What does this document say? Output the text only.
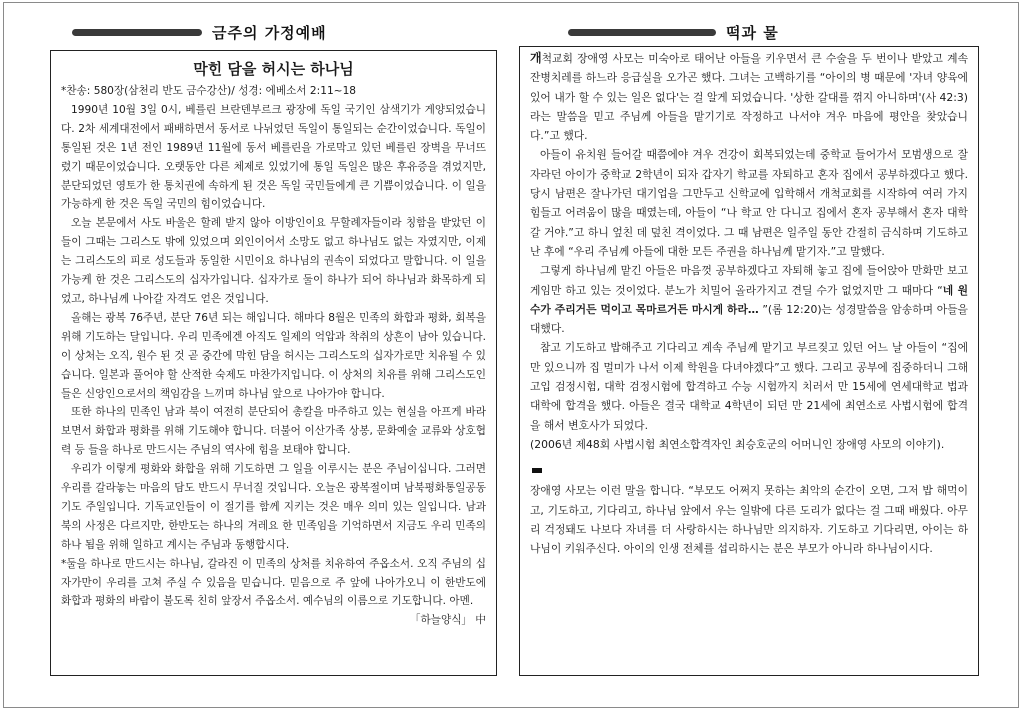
금주의 가정예배	떡과 물
막힌 담을 허시는 하나님

*찬송: 580장(삼천리 반도 금수강산)/ 성경: 에베소서 2:11~18

1990년 10월 3일 0시, 베를린 브란덴부르크 광장에 독일 국기인 삼색기가 게양되었습니다. 2차 세계대전에서 패배하면서 동서로 나뉘었던 독일이 통일되는 순간이었습니다. 독일이 통일된 것은 1년 전인 1989년 11월에 동서 베를린을 가로막고 있던 베를린 장벽을 무너뜨렸기 때문이었습니다. 오랫동안 다른 체제로 있었기에 통일 독일은 많은 후유증을 겪었지만, 분단되었던 영토가 한 통치권에 속하게 된 것은 독일 국민들에게 큰 기쁨이었습니다. 이 일을 가능하게 한 것은 독일 국민의 힘이었습니다.

오늘 본문에서 사도 바울은 할례 받지 않아 이방인이요 무할례자들이라 칭함을 받았던 이들이 그때는 그리스도 밖에 있었으며 외인이어서 소망도 없고 하나님도 없는 자였지만, 이제는 그리스도의 피로 성도들과 동일한 시민이요 하나님의 권속이 되었다고 말합니다. 이 일을 가능케 한 것은 그리스도의 십자가입니다. 십자가로 둘이 하나가 되어 하나님과 화목하게 되었고, 하나님께 나아갈 자격도 얻은 것입니다.

올해는 광복 76주년, 분단 76년 되는 해입니다. 해마다 8월은 민족의 화합과 평화, 회복을 위해 기도하는 달입니다. 우리 민족에겐 아직도 일제의 억압과 착취의 상흔이 남아 있습니다. 이 상처는 오직, 원수 된 것 곧 중간에 막힌 담을 허시는 그리스도의 십자가로만 치유될 수 있습니다. 일본과 풀어야 할 산적한 숙제도 마찬가지입니다. 이 상처의 치유를 위해 그리스도인들은 신앙인으로서의 책임감을 느끼며 하나님 앞으로 나아가야 합니다.

또한 하나의 민족인 남과 북이 여전히 분단되어 총칼을 마주하고 있는 현실을 아프게 바라보면서 화합과 평화를 위해 기도해야 합니다. 더불어 이산가족 상봉, 문화예술 교류와 상호협력 등 들을 하나로 만드시는 주님의 역사에 힘을 보태야 합니다.

우리가 이렇게 평화와 화합을 위해 기도하면 그 일을 이루시는 분은 주님이십니다. 그러면 우리를 갈라놓는 마음의 담도 반드시 무너질 것입니다. 오늘은 광복절이며 남북평화통일공동기도 주일입니다. 기독교인들이 이 절기를 함께 지키는 것은 매우 의미 있는 일입니다. 남과 북의 사정은 다르지만, 한반도는 하나의 겨레요 한 민족임을 기억하면서 지금도 우리 민족의 하나 됨을 위해 일하고 계시는 주님과 동행합시다.

*둘을 하나로 만드시는 하나님, 갈라진 이 민족의 상처를 치유하여 주옵소서. 오직 주님의 십자가만이 우리를 고쳐 주실 수 있음을 믿습니다. 믿음으로 주 앞에 나아가오니 이 한반도에 화합과 평화의 바람이 불도록 친히 앞장서 주옵소서. 예수님의 이름으로 기도합니다. 아멘.
「하늘양식」 中

개척교회 장애영 사모는 미숙아로 태어난 아들을 키우면서 큰 수술을 두 번이나 받았고 계속 잔병치레를 하느라 응급실을 오가곤 했다. 그녀는 고백하기를 “아이의 병 때문에 '자녀 양육에 있어 내가 할 수 있는 일은 없다'는 걸 알게 되었습니다. '상한 갈대를 꺾지 아니하며'(사 42:3)라는 말씀을 믿고 주님께 아들을 맡기기로 작정하고 나서야 겨우 마음에 평안을 찾았습니다.”고 했다.

아들이 유치원 들어갈 때쯤에야 겨우 건강이 회복되었는데 중학교 들어가서 모범생으로 잘 자라던 아이가 중학교 2학년이 되자 갑자기 학교를 자퇴하고 혼자 집에서 공부하겠다고 했다. 당시 남편은 잘나가던 대기업을 그만두고 신학교에 입학해서 개척교회를 시작하여 여러 가지 힘들고 어려움이 많을 때였는데, 아들이 “나 학교 안 다니고 집에서 혼자 공부해서 혼자 대학 갈 거야.”고 하니 엎친 데 덮친 격이었다. 그 때 남편은 일주일 동안 간절히 금식하며 기도하고 난 후에 “우리 주님께 아들에 대한 모든 주권을 하나님께 맡기자.”고 말했다.

그렇게 하나님께 맡긴 아들은 마음껏 공부하겠다고 자퇴해 놓고 집에 들어앉아 만화만 보고 게임만 하고 있는 것이었다. 분노가 치밀어 올라가지고 견딜 수가 없었지만 그 때마다 “네 원수가 주리거든 먹이고 목마르거든 마시게 하라… ”(롬 12:20)는 성경말씀을 암송하며 아들을 대했다.

참고 기도하고 밥해주고 기다리고 계속 주님께 맡기고 부르짖고 있던 어느 날 아들이 “집에만 있으니까 집 멀미가 나서 이제 학원을 다녀야겠다”고 했다. 그리고 공부에 집중하더니 그해 고입 검정시험, 대학 검정시험에 합격하고 수능 시험까지 치러서 만 15세에 연세대학교 법과대학에 합격을 했다. 아들은 결국 대학교 4학년이 되던 만 21세에 최연소로 사법시험에 합격을 해서 변호사가 되었다.

(2006년 제48회 사법시험 최연소합격자인 최승호군의 어머니인 장애영 사모의 이야기).

장애영 사모는 이런 말을 합니다. “부모도 어쩌지 못하는 최악의 순간이 오면, 그저 밥 해먹이고, 기도하고, 기다리고, 하나님 앞에서 우는 일밖에 다른 도리가 없다는 걸 그때 배웠다. 아무리 걱정돼도 나보다 자녀를 더 사랑하시는 하나님만 의지하자. 기도하고 기다리면, 아이는 하나님이 키워주신다. 아이의 인생 전체를 섭리하시는 분은 부모가 아니라 하나님이시다.
